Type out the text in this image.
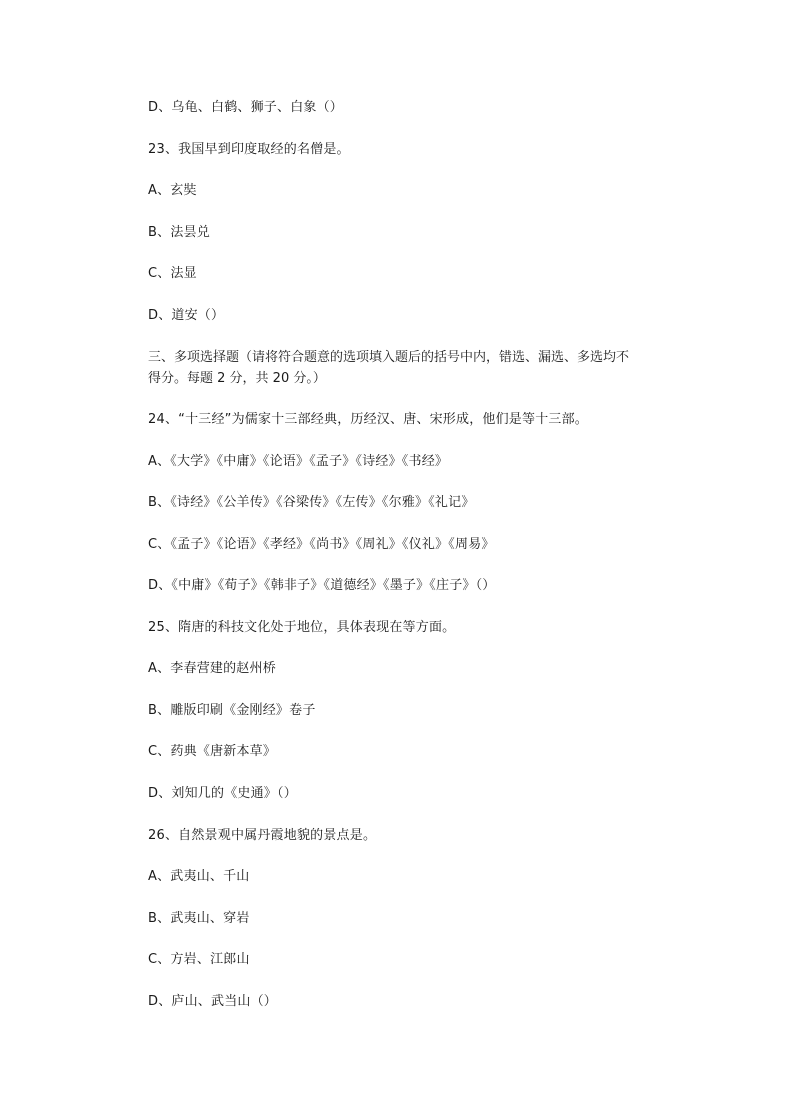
D、乌龟、白鹤、狮子、白象（）
23、我国早到印度取经的名僧是。
A、玄奘
B、法昙兑
C、法显
D、道安（）
三、多项选择题（请将符合题意的选项填入题后的括号中内，错选、漏选、多选均不
得分。每题 2 分，共 20 分。）
24、“十三经”为儒家十三部经典，历经汉、唐、宋形成，他们是等十三部。
A、《大学》《中庸》《论语》《孟子》《诗经》《书经》
B、《诗经》《公羊传》《谷梁传》《左传》《尔雅》《礼记》
C、《孟子》《论语》《孝经》《尚书》《周礼》《仪礼》《周易》
D、《中庸》《荀子》《韩非子》《道德经》《墨子》《庄子》（）
25、隋唐的科技文化处于地位，具体表现在等方面。
A、李春营建的赵州桥
B、雕版印刷《金刚经》卷子
C、药典《唐新本草》
D、刘知几的《史通》（）
26、自然景观中属丹霞地貌的景点是。
A、武夷山、千山
B、武夷山、穿岩
C、方岩、江郎山
D、庐山、武当山（）
